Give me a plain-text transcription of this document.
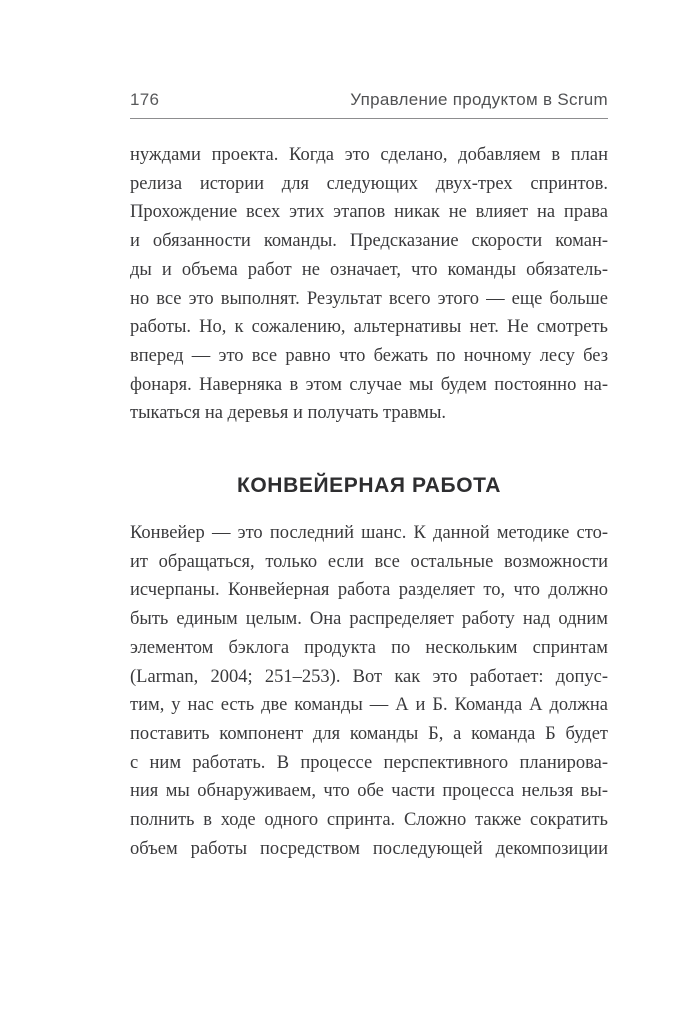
176	Управление продуктом в Scrum
нуждами проекта. Когда это сделано, добавляем в план
релиза истории для следующих двух-трех спринтов.
Прохождение всех этих этапов никак не влияет на права
и обязанности команды. Предсказание скорости коман-
ды и объема работ не означает, что команды обязатель-
но все это выполнят. Результат всего этого — еще больше
работы. Но, к сожалению, альтернативы нет. Не смотреть
вперед — это все равно что бежать по ночному лесу без
фонаря. Наверняка в этом случае мы будем постоянно на-
тыкаться на деревья и получать травмы.
КОНВЕЙЕРНАЯ РАБОТА
Конвейер — это последний шанс. К данной методике сто-
ит обращаться, только если все остальные возможности
исчерпаны. Конвейерная работа разделяет то, что должно
быть единым целым. Она распределяет работу над одним
элементом бэклога продукта по нескольким спринтам
(Larman, 2004; 251–253). Вот как это работает: допус-
тим, у нас есть две команды — А и Б. Команда А должна
поставить компонент для команды Б, а команда Б будет
с ним работать. В процессе перспективного планирова-
ния мы обнаруживаем, что обе части процесса нельзя вы-
полнить в ходе одного спринта. Сложно также сократить
объем работы посредством последующей декомпозиции
